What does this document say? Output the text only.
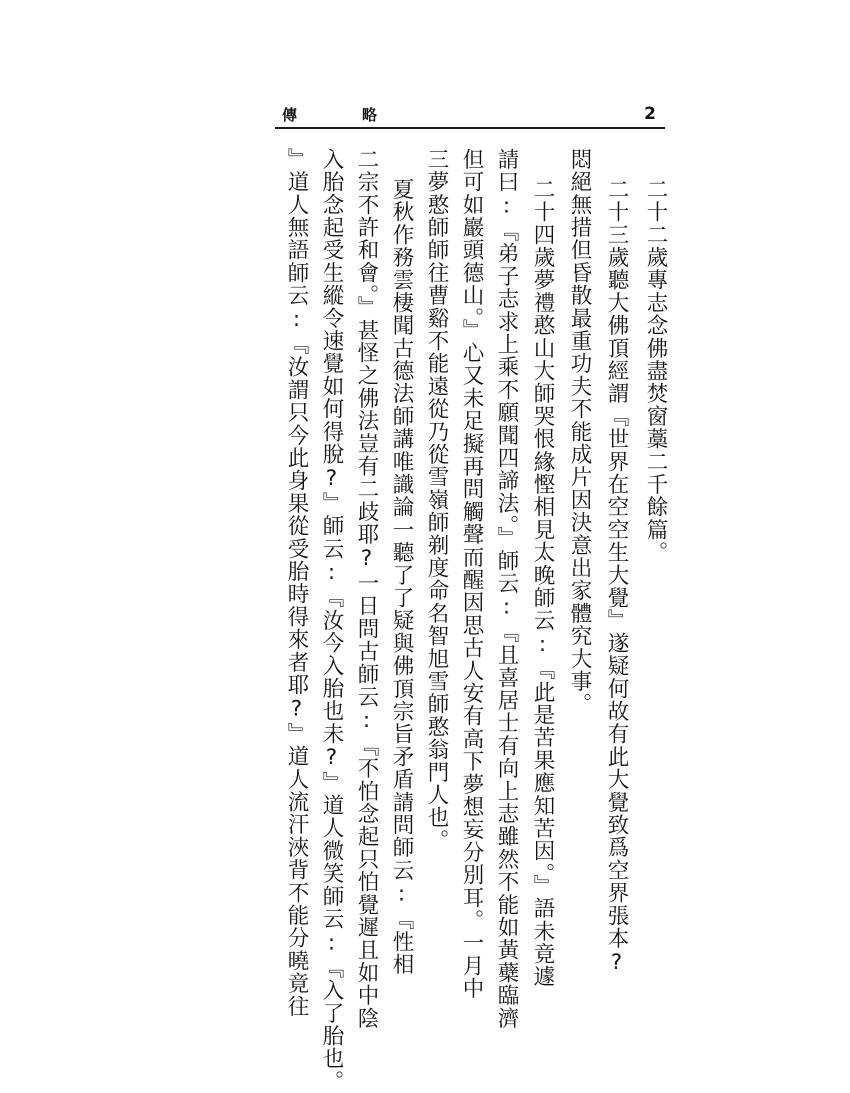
傳	略	2
二十二歲專志念佛盡焚窗藁二千餘篇。
二十三歲聽大佛頂經謂『世界在空空生大覺』遂疑何故有此大覺致爲空界張本?
悶絕無措但昏散最重功夫不能成片因決意出家體究大事。
二十四歲夢禮憨山大師哭恨緣慳相見太晚師云:『此是苦果應知苦因。』語未竟遽
請曰:『弟子志求上乘不願聞四諦法。』師云:『且喜居士有向上志雖然不能如黃蘗臨濟
但可如巖頭德山。』心又未足擬再問觸聲而醒因思古人安有高下夢想妄分別耳。一月中
三夢憨師師往曹谿不能遠從乃從雪嶺師剃度命名智旭雪師憨翁門人也。
夏秋作務雲棲聞古德法師講唯識論一聽了了疑與佛頂宗旨矛盾請問師云:『性相
二宗不許和會。』甚怪之佛法豈有二歧耶?一日問古師云:『不怕念起只怕覺遲且如中陰
入胎念起受生縱令速覺如何得脫?』師云:『汝今入胎也未?』道人微笑師云:『入了胎也。
』道人無語師云:『汝謂只今此身果從受胎時得來者耶?』道人流汗浹背不能分曉竟往
